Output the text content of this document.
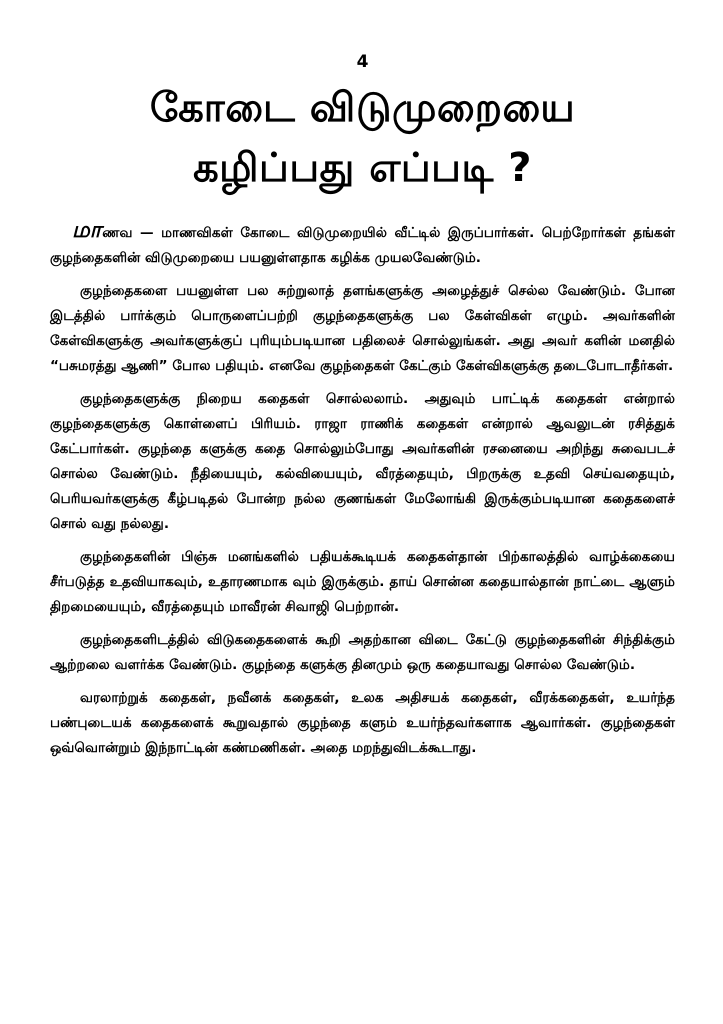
4
கோடை விடுமுறையை
கழிப்பது எப்படி ?

மாணவ — மாணவிகள் கோடை விடுமுறையில் வீட்டில் இருப்பார்கள். பெற்றோர்கள் தங்கள் குழந்தைகளின் விடுமுறையை பயனுள்ளதாக கழிக்க முயலவேண்டும்.

குழந்தைகளை பயனுள்ள பல சுற்றுலாத் தளங்களுக்கு அழைத்துச் செல்ல வேண்டும். போன இடத்தில் பார்க்கும் பொருளைப்பற்றி குழந்தைகளுக்கு பல கேள்விகள் எழும். அவர்களின் கேள்விகளுக்கு அவர்களுக்குப் புரியும்படியான பதிலைச் சொல்லுங்கள். அது அவர் களின் மனதில் “பசுமரத்து ஆணி” போல பதியும். எனவே குழந்தைகள் கேட்கும் கேள்விகளுக்கு தடைபோடாதீர்கள்.

குழந்தைகளுக்கு நிறைய கதைகள் சொல்லலாம். அதுவும் பாட்டிக் கதைகள் என்றால் குழந்தைகளுக்கு கொள்ளைப் பிரியம். ராஜா ராணிக் கதைகள் என்றால் ஆவலுடன் ரசித்துக் கேட்பார்கள். குழந்தை களுக்கு கதை சொல்லும்போது அவர்களின் ரசனையை அறிந்து சுவைபடச் சொல்ல வேண்டும். நீதியையும், கல்வியையும், வீரத்தையும், பிறருக்கு உதவி செய்வதையும், பெரியவர்களுக்கு கீழ்படிதல் போன்ற நல்ல குணங்கள் மேலோங்கி இருக்கும்படியான கதைகளைச் சொல் வது நல்லது.

குழந்தைகளின் பிஞ்சு மனங்களில் பதியக்கூடியக் கதைகள்தான் பிற்காலத்தில் வாழ்க்கையை சீர்படுத்த உதவியாகவும், உதாரணமாக வும் இருக்கும். தாய் சொன்ன கதையால்தான் நாட்டை ஆளும் திறமையையும், வீரத்தையும் மாவீரன் சிவாஜி பெற்றான்.

குழந்தைகளிடத்தில் விடுகதைகளைக் கூறி அதற்கான விடை கேட்டு குழந்தைகளின் சிந்திக்கும் ஆற்றலை வளர்க்க வேண்டும். குழந்தை களுக்கு தினமும் ஒரு கதையாவது சொல்ல வேண்டும்.

வரலாற்றுக் கதைகள், நவீனக் கதைகள், உலக அதிசயக் கதைகள், வீரக்கதைகள், உயர்ந்த பண்புடையக் கதைகளைக் கூறுவதால் குழந்தை களும் உயர்ந்தவர்களாக ஆவார்கள். குழந்தைகள் ஒவ்வொன்றும் இந்நாட்டின் கண்மணிகள். அதை மறந்துவிடக்கூடாது.
